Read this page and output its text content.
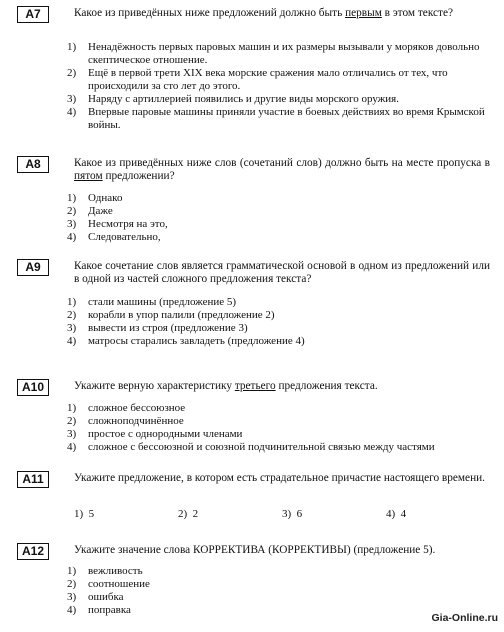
A7	Какое из приведённых ниже предложений должно быть первым в этом тексте?
1)	Ненадёжность первых паровых машин и их размеры вызывали у моряков довольно скептическое отношение.
2)	Ещё в первой трети XIX века морские сражения мало отличались от тех, что происходили за сто лет до этого.
3)	Наряду с артиллерией появились и другие виды морского оружия.
4)	Впервые паровые машины приняли участие в боевых действиях во время Крымской войны.
A8	Какое из приведённых ниже слов (сочетаний слов) должно быть на месте пропуска в пятом предложении?
1)	Однако
2)	Даже
3)	Несмотря на это,
4)	Следовательно,
A9	Какое сочетание слов является грамматической основой в одном из предложений или в одной из частей сложного предложения текста?
1)	стали машины (предложение 5)
2)	корабли в упор палили (предложение 2)
3)	вывести из строя (предложение 3)
4)	матросы старались завладеть (предложение 4)
A10	Укажите верную характеристику третьего предложения текста.
1)	сложное бессоюзное
2)	сложноподчинённое
3)	простое с однородными членами
4)	сложное с бессоюзной и союзной подчинительной связью между частями
A11	Укажите предложение, в котором есть страдательное причастие настоящего времени.
1) 5	2) 2	3) 6	4) 4
A12	Укажите значение слова КОРРЕКТИВА (КОРРЕКТИВЫ) (предложение 5).
1)	вежливость
2)	соотношение
3)	ошибка
4)	поправка
Gia-Online.ru
